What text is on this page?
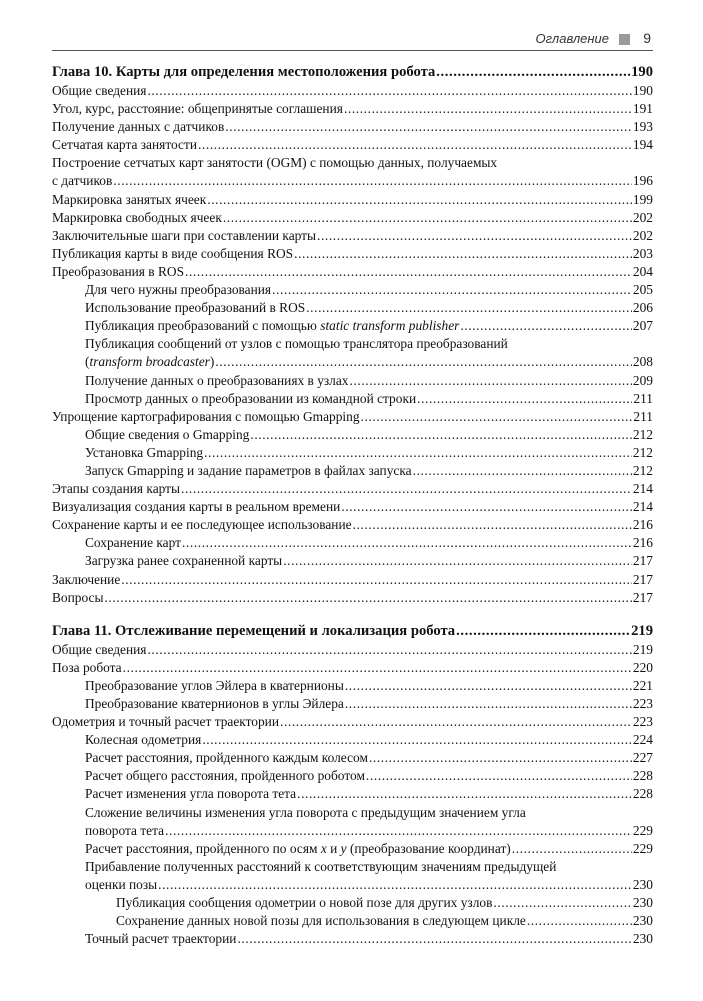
Оглавление 9
Глава 10. Карты для определения местоположения робота .....	190
Общие сведения .....	190
Угол, курс, расстояние: общепринятые соглашения .....	191
Получение данных с датчиков .....	193
Сетчатая карта занятости .....	194
Построение сетчатых карт занятости (OGM) с помощью данных, получаемых
с датчиков .....	196
Маркировка занятых ячеек .....	199
Маркировка свободных ячеек .....	202
Заключительные шаги при составлении карты .....	202
Публикация карты в виде сообщения ROS .....	203
Преобразования в ROS .....	204
Для чего нужны преобразования .....	205
Использование преобразований в ROS .....	206
Публикация преобразований с помощью static transform publisher .....	207
Публикация сообщений от узлов с помощью транслятора преобразований
(transform broadcaster) .....	208
Получение данных о преобразованиях в узлах .....	209
Просмотр данных о преобразовании из командной строки .....	211
Упрощение картографирования с помощью Gmapping .....	211
Общие сведения о Gmapping .....	212
Установка Gmapping .....	212
Запуск Gmapping и задание параметров в файлах запуска .....	212
Этапы создания карты .....	214
Визуализация создания карты в реальном времени .....	214
Сохранение карты и ее последующее использование .....	216
Сохранение карт .....	216
Загрузка ранее сохраненной карты .....	217
Заключение .....	217
Вопросы .....	217
Глава 11. Отслеживание перемещений и локализация робота .....	219
Общие сведения .....	219
Поза робота .....	220
Преобразование углов Эйлера в кватернионы .....	221
Преобразование кватернионов в углы Эйлера .....	223
Одометрия и точный расчет траектории .....	223
Колесная одометрия .....	224
Расчет расстояния, пройденного каждым колесом .....	227
Расчет общего расстояния, пройденного роботом .....	228
Расчет изменения угла поворота тета .....	228
Сложение величины изменения угла поворота с предыдущим значением угла
поворота тета .....	229
Расчет расстояния, пройденного по осям x и y (преобразование координат) .....	229
Прибавление полученных расстояний к соответствующим значениям предыдущей
оценки позы .....	230
Публикация сообщения одометрии о новой позе для других узлов .....	230
Сохранение данных новой позы для использования в следующем цикле .....	230
Точный расчет траектории .....	230
